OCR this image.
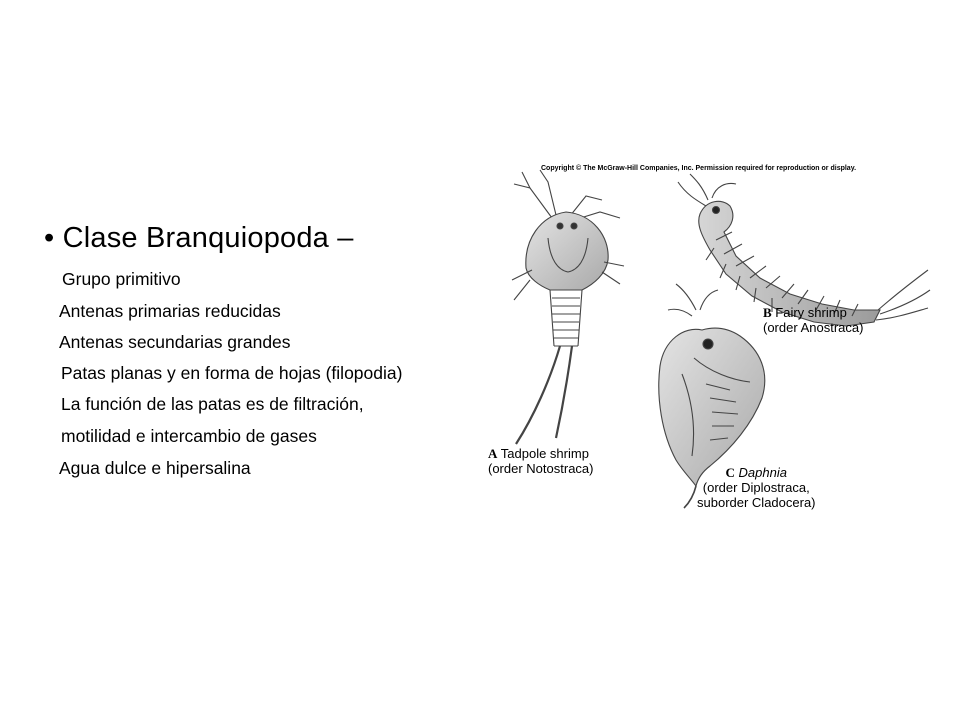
• Clase Branquiopoda –
Grupo primitivo
Antenas primarias reducidas
Antenas secundarias grandes
Patas planas y en forma de hojas (filopodia)
La función de las patas es de filtración,
motilidad e intercambio de gases
Agua dulce e hipersalina
Copyright © The McGraw-Hill Companies, Inc. Permission required for reproduction or display.
A Tadpole shrimp
(order Notostraca)
B Fairy shrimp
(order Anostraca)
C Daphnia
(order Diplostraca,
suborder Cladocera)
